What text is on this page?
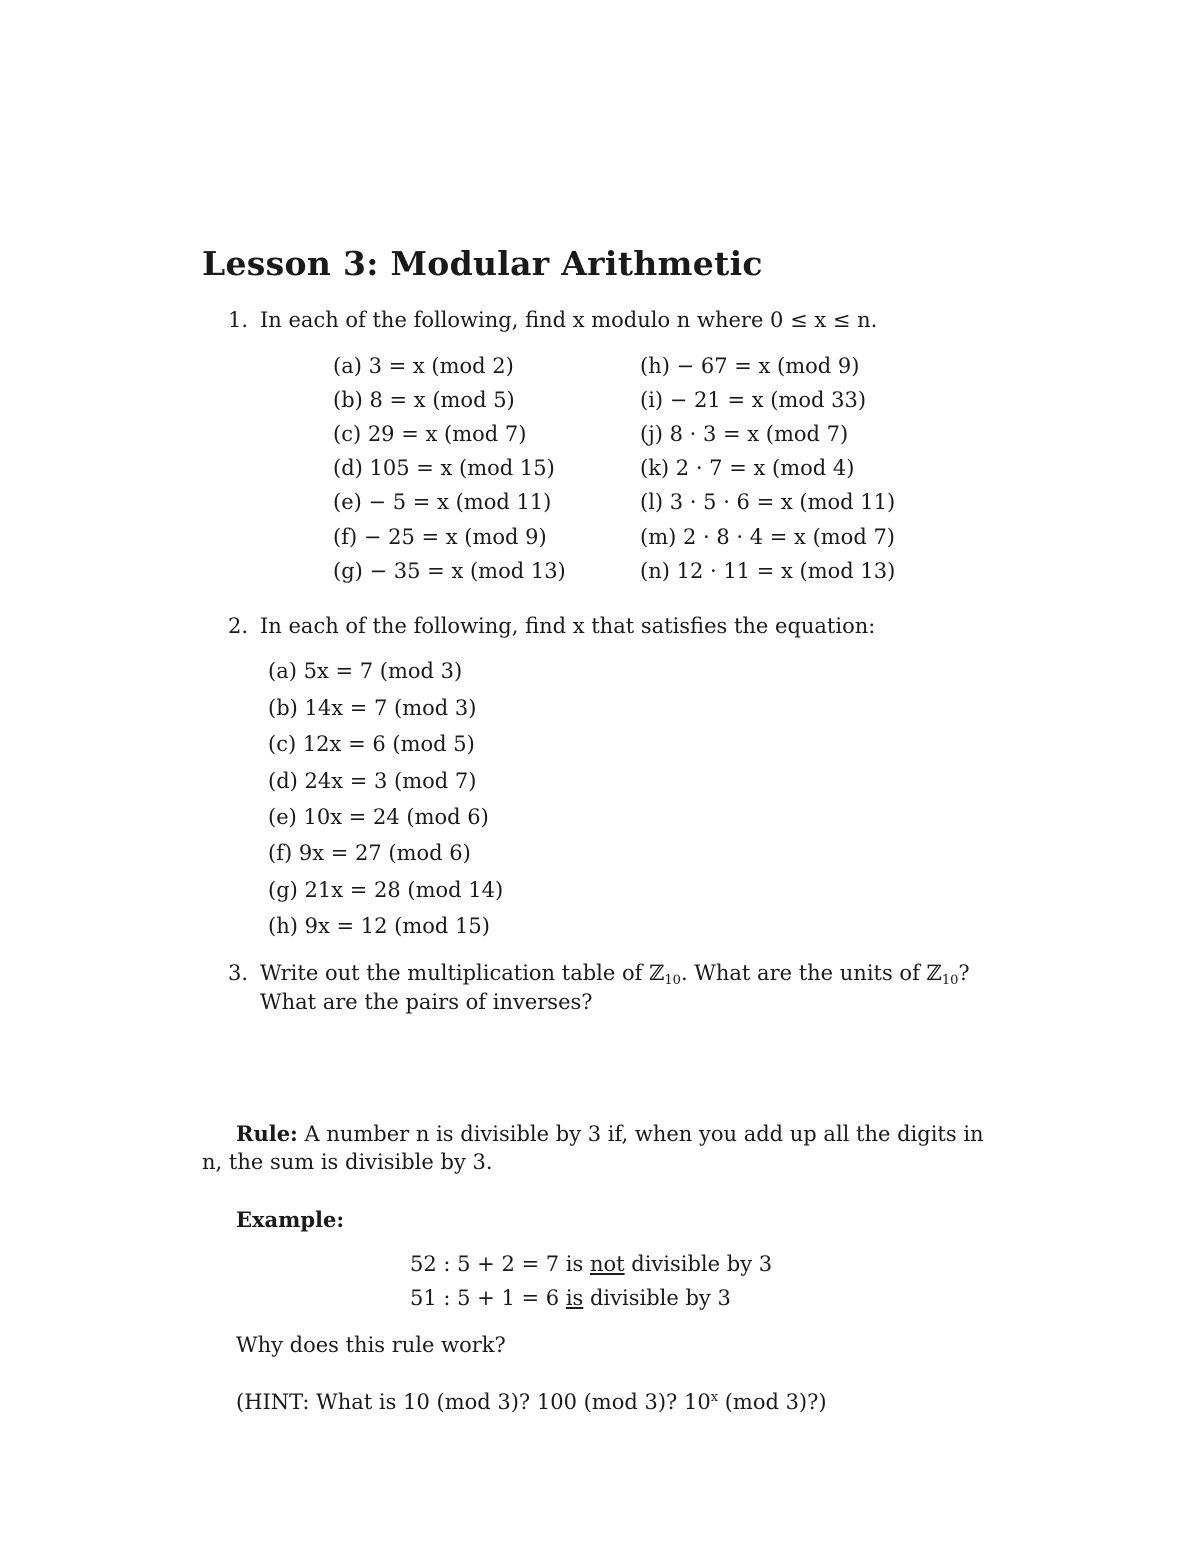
Lesson 3: Modular Arithmetic
1. In each of the following, find x modulo n where 0 ≤ x ≤ n.
(a) 3 = x (mod 2)
(b) 8 = x (mod 5)
(c) 29 = x (mod 7)
(d) 105 = x (mod 15)
(e) − 5 = x (mod 11)
(f) − 25 = x (mod 9)
(g) − 35 = x (mod 13)
(h) − 67 = x (mod 9)
(i) − 21 = x (mod 33)
(j) 8 · 3 = x (mod 7)
(k) 2 · 7 = x (mod 4)
(l) 3 · 5 · 6 = x (mod 11)
(m) 2 · 8 · 4 = x (mod 7)
(n) 12 · 11 = x (mod 13)
2. In each of the following, find x that satisfies the equation:
(a) 5x = 7 (mod 3)
(b) 14x = 7 (mod 3)
(c) 12x = 6 (mod 5)
(d) 24x = 3 (mod 7)
(e) 10x = 24 (mod 6)
(f) 9x = 27 (mod 6)
(g) 21x = 28 (mod 14)
(h) 9x = 12 (mod 15)
3. Write out the multiplication table of ℤ$_{10}$. What are the units of ℤ$_{10}$?
What are the pairs of inverses?
Rule: A number n is divisible by 3 if, when you add up all the digits in
n, the sum is divisible by 3.
Example:
52 : 5 + 2 = 7 is not divisible by 3
51 : 5 + 1 = 6 is divisible by 3
Why does this rule work?
(HINT: What is 10 (mod 3)? 100 (mod 3)? 10$^x$ (mod 3)?)
